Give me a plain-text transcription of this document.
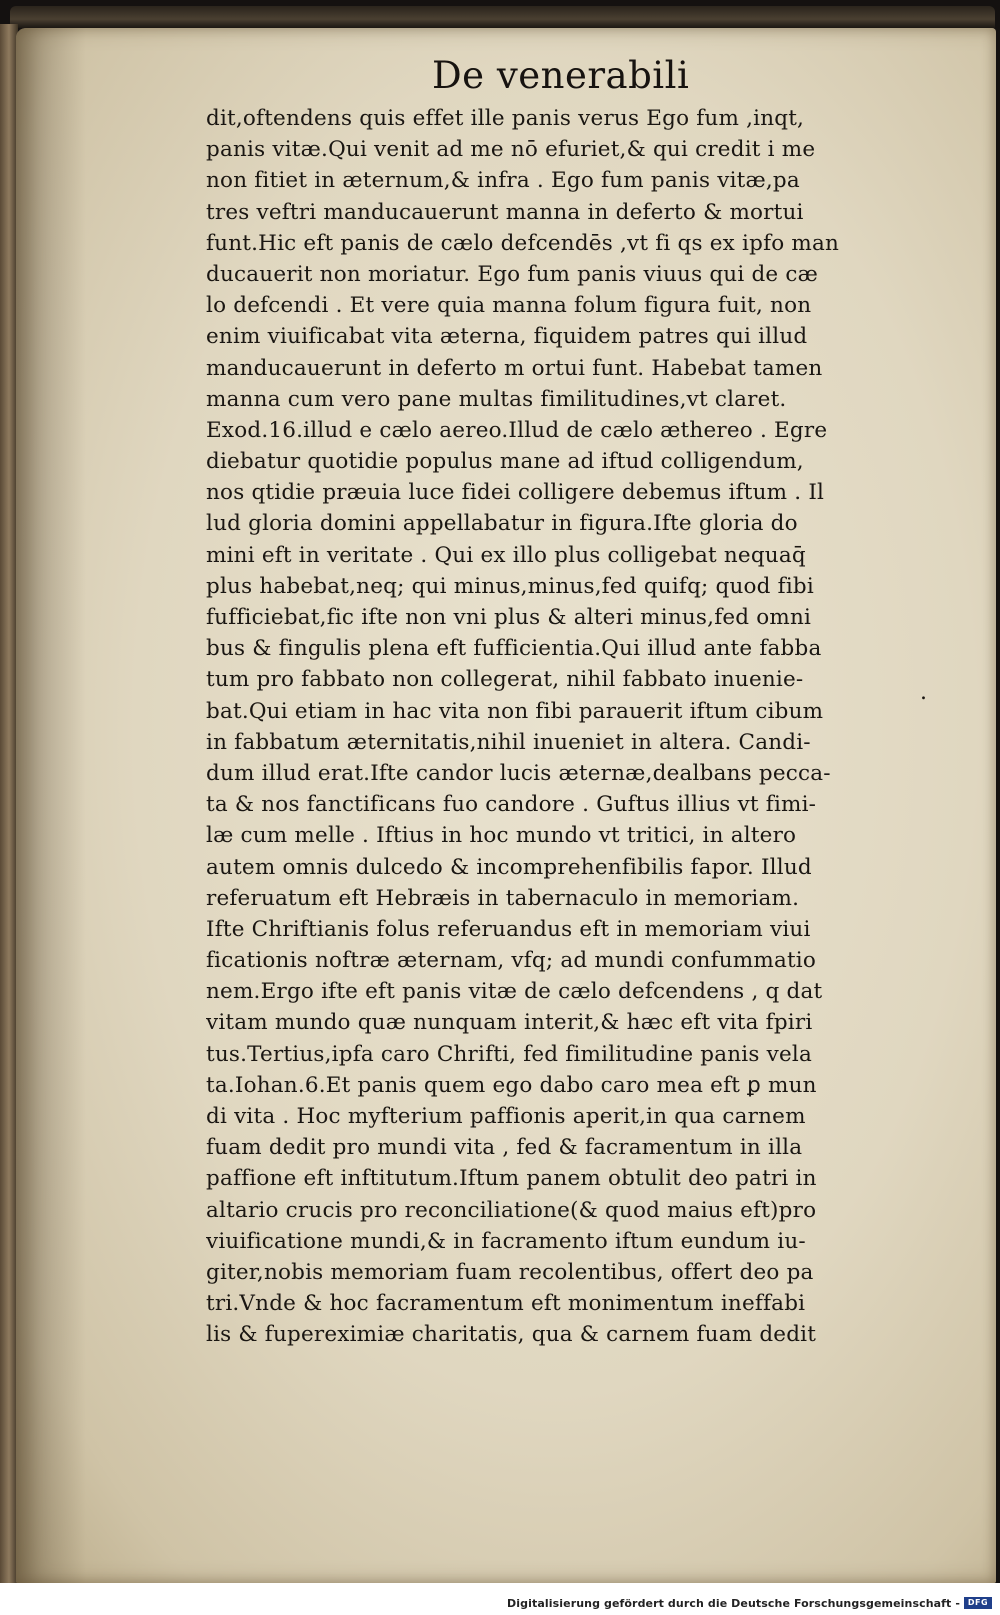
De venerabili
dit,oftendens quis effet ille panis verus Ego fum ,inqt,
panis vitæ.Qui venit ad me nō efuriet,& qui credit i me
non fitiet in æternum,& infra . Ego fum panis vitæ,pa
tres veftri manducauerunt manna in deferto & mortui
funt.Hic eft panis de cælo defcendēs ,vt fi qs ex ipfo man
ducauerit non moriatur. Ego fum panis viuus qui de cæ
lo defcendi . Et vere quia manna folum figura fuit, non
enim viuificabat vita æterna, fiquidem patres qui illud
manducauerunt in deferto m ortui funt. Habebat tamen
manna cum vero pane multas fimilitudines,vt claret.
Exod.16.illud e cælo aereo.Illud de cælo æthereo . Egre
diebatur quotidie populus mane ad iftud colligendum,
nos qtidie præuia luce fidei colligere debemus iftum . Il
lud gloria domini appellabatur in figura.Ifte gloria do
mini eft in veritate . Qui ex illo plus colligebat nequaq̄
plus habebat,neq; qui minus,minus,fed quifq; quod fibi
fufficiebat,fic ifte non vni plus & alteri minus,fed omni
bus & fingulis plena eft fufficientia.Qui illud ante fabba
tum pro fabbato non collegerat, nihil fabbato inuenie-
bat.Qui etiam in hac vita non fibi parauerit iftum cibum
in fabbatum æternitatis,nihil inueniet in altera. Candi-
dum illud erat.Ifte candor lucis æternæ,dealbans pecca-
ta & nos fanctificans fuo candore . Guftus illius vt fimi-
læ cum melle . Iftius in hoc mundo vt tritici, in altero
autem omnis dulcedo & incomprehenfibilis fapor. Illud
referuatum eft Hebræis in tabernaculo in memoriam.
Ifte Chriftianis folus referuandus eft in memoriam viui
ficationis noftræ æternam, vfq; ad mundi confummatio
nem.Ergo ifte eft panis vitæ de cælo defcendens , q dat
vitam mundo quæ nunquam interit,& hæc eft vita fpiri
tus.Tertius,ipfa caro Chrifti, fed fimilitudine panis vela
ta.Iohan.6.Et panis quem ego dabo caro mea eft ꝑ mun
di vita . Hoc myfterium paffionis aperit,in qua carnem
fuam dedit pro mundi vita , fed & facramentum in illa
paffione eft inftitutum.Iftum panem obtulit deo patri in
altario crucis pro reconciliatione(& quod maius eft)pro
viuificatione mundi,& in facramento iftum eundum iu-
giter,nobis memoriam fuam recolentibus, offert deo pa
tri.Vnde & hoc facramentum eft monimentum ineffabi
lis & fupereximiæ charitatis, qua & carnem fuam dedit
.
Digitalisierung gefördert durch die Deutsche Forschungsgemeinschaft - DFG
